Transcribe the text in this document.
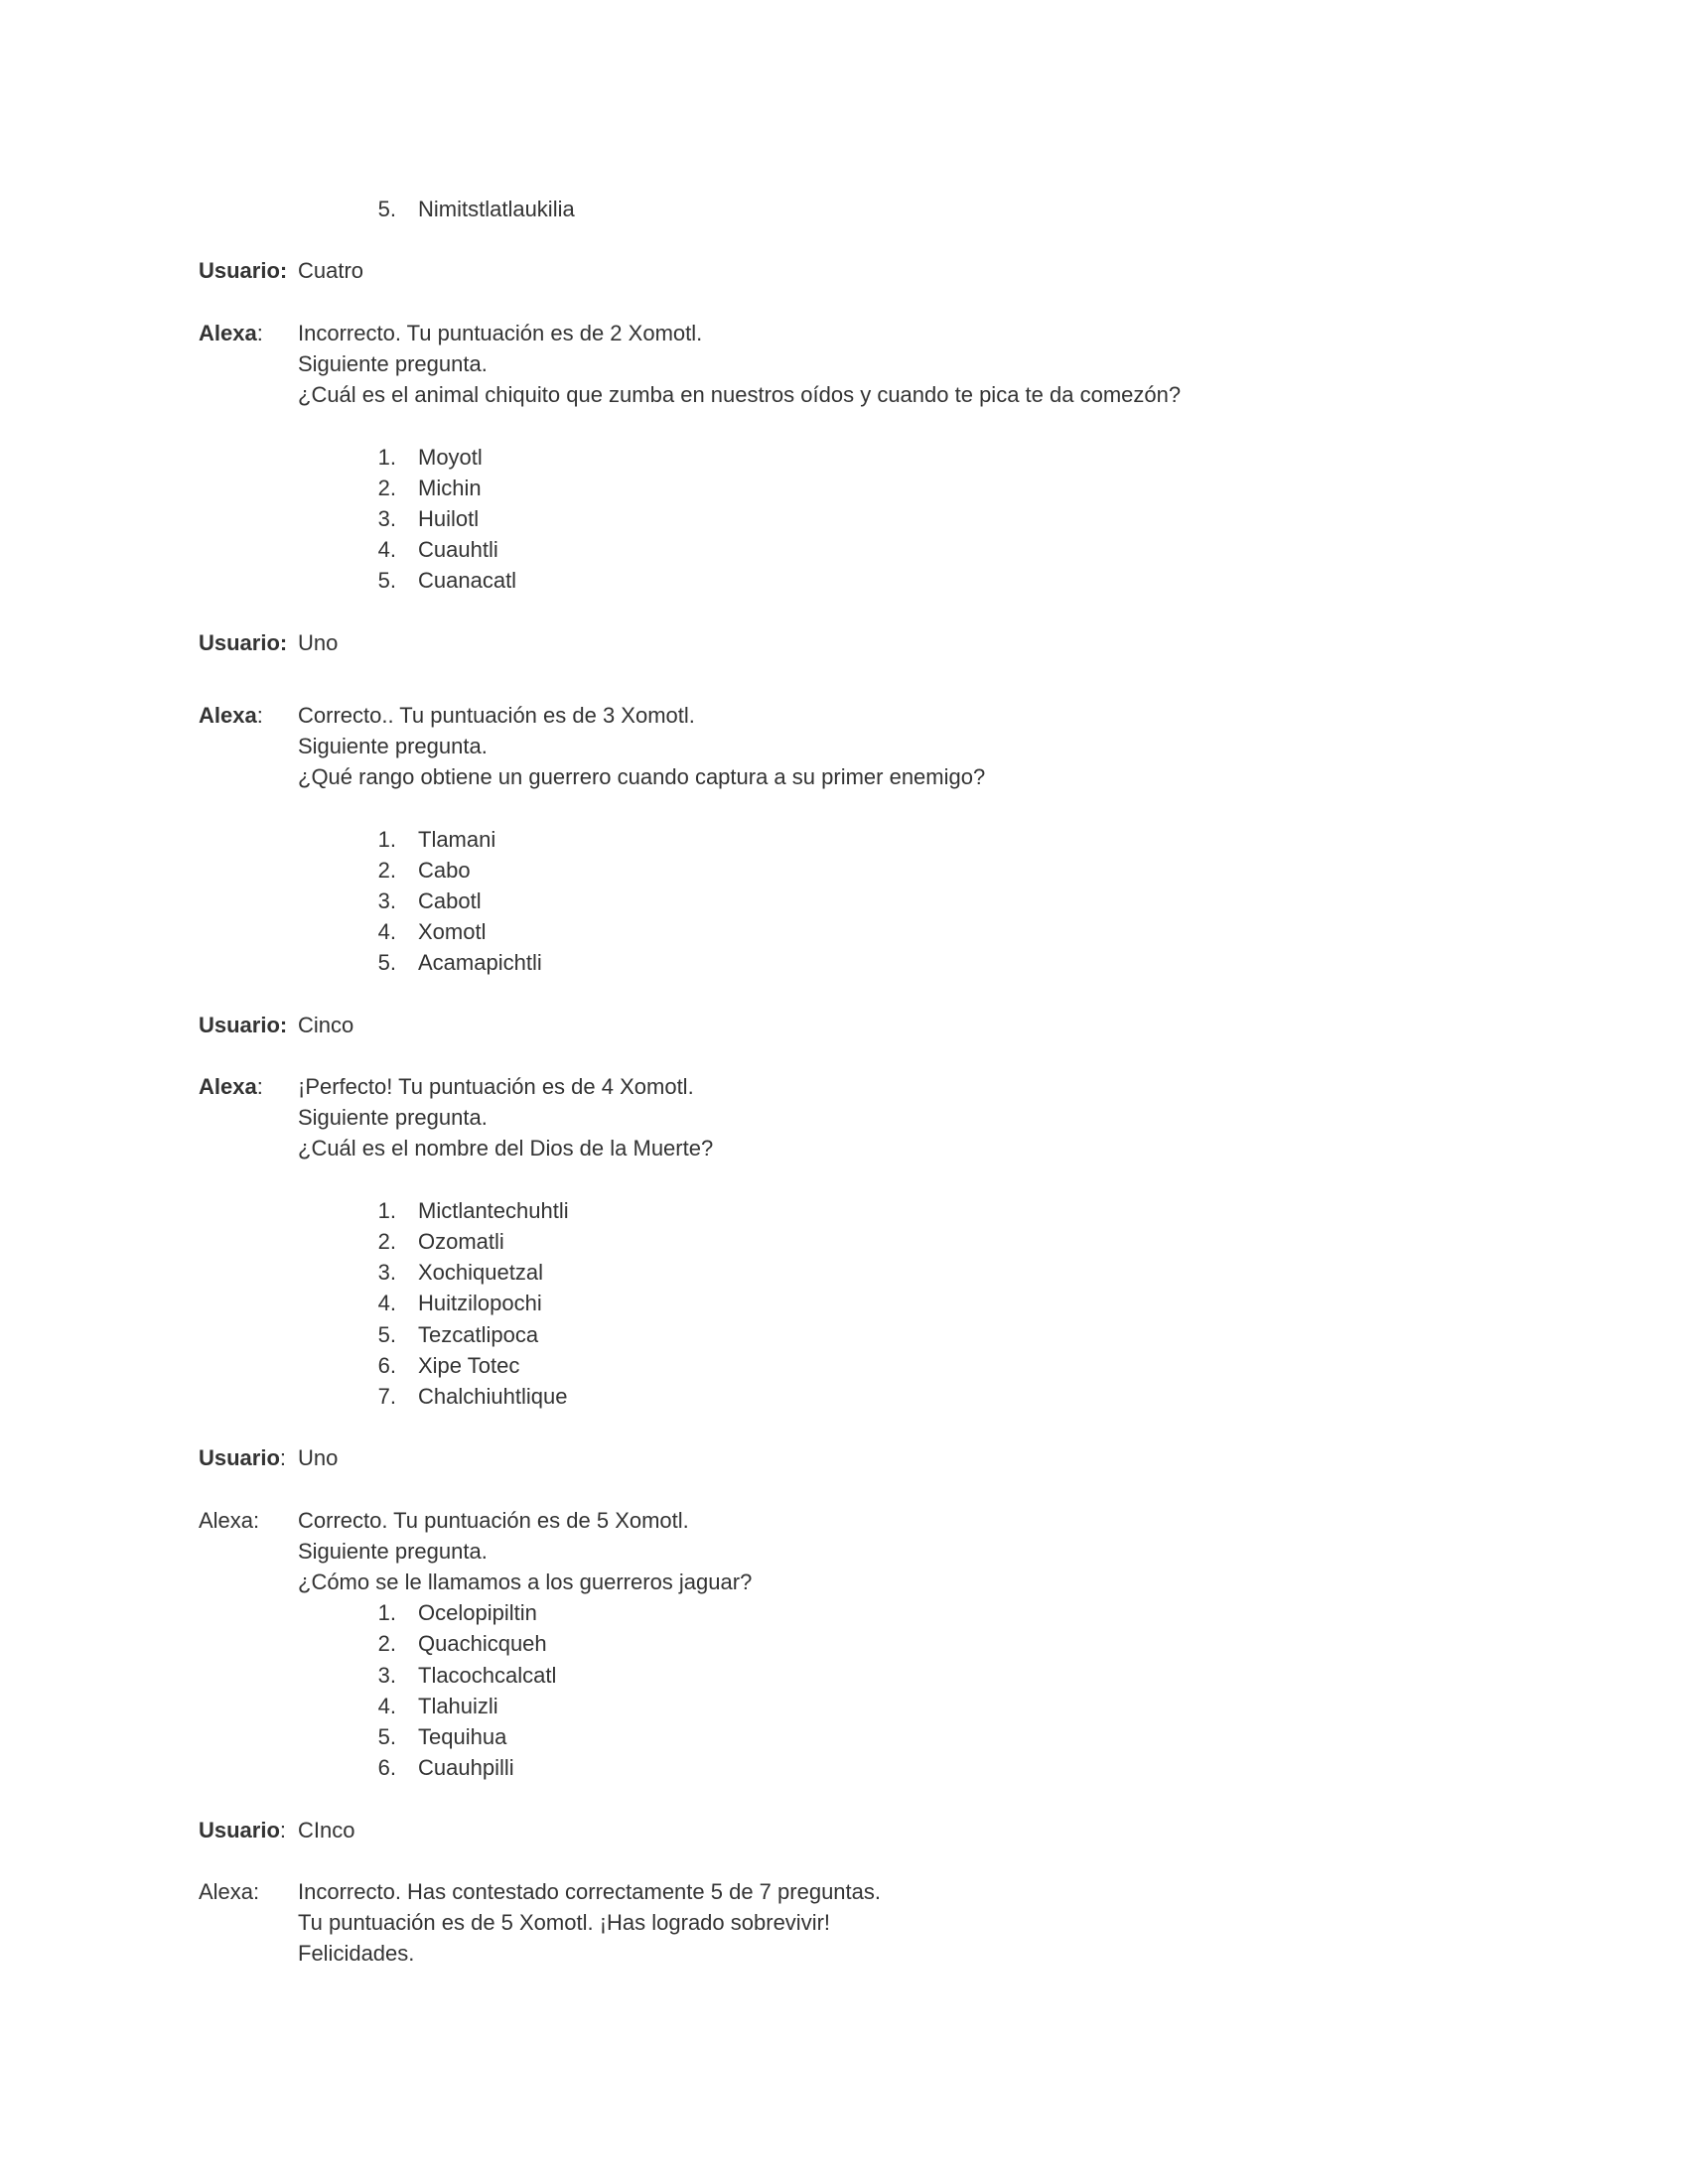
5. Nimitstlatlaukilia
Usuario: Cuatro
Alexa:	Incorrecto. Tu puntuación es de 2 Xomotl.
Siguiente pregunta.
¿Cuál es el animal chiquito que zumba en nuestros oídos y cuando te pica te da comezón?
1. Moyotl
2. Michin
3. Huilotl
4. Cuauhtli
5. Cuanacatl
Usuario: Uno
Alexa:	Correcto.. Tu puntuación es de 3 Xomotl.
Siguiente pregunta.
¿Qué rango obtiene un guerrero cuando captura a su primer enemigo?
1. Tlamani
2. Cabo
3. Cabotl
4. Xomotl
5. Acamapichtli
Usuario: Cinco
Alexa:	¡Perfecto! Tu puntuación es de 4 Xomotl.
Siguiente pregunta.
¿Cuál es el nombre del Dios de la Muerte?
1. Mictlantechuhtli
2. Ozomatli
3. Xochiquetzal
4. Huitzilopochi
5. Tezcatlipoca
6. Xipe Totec
7. Chalchiuhtlique
Usuario: Uno
Alexa:	Correcto. Tu puntuación es de 5 Xomotl.
Siguiente pregunta.
¿Cómo se le llamamos a los guerreros jaguar?
1. Ocelopipiltin
2. Quachicqueh
3. Tlacochcalcatl
4. Tlahuizli
5. Tequihua
6. Cuauhpilli
Usuario: CInco
Alexa:	Incorrecto. Has contestado correctamente 5 de 7 preguntas.
Tu puntuación es de 5 Xomotl. ¡Has logrado sobrevivir!
Felicidades.
